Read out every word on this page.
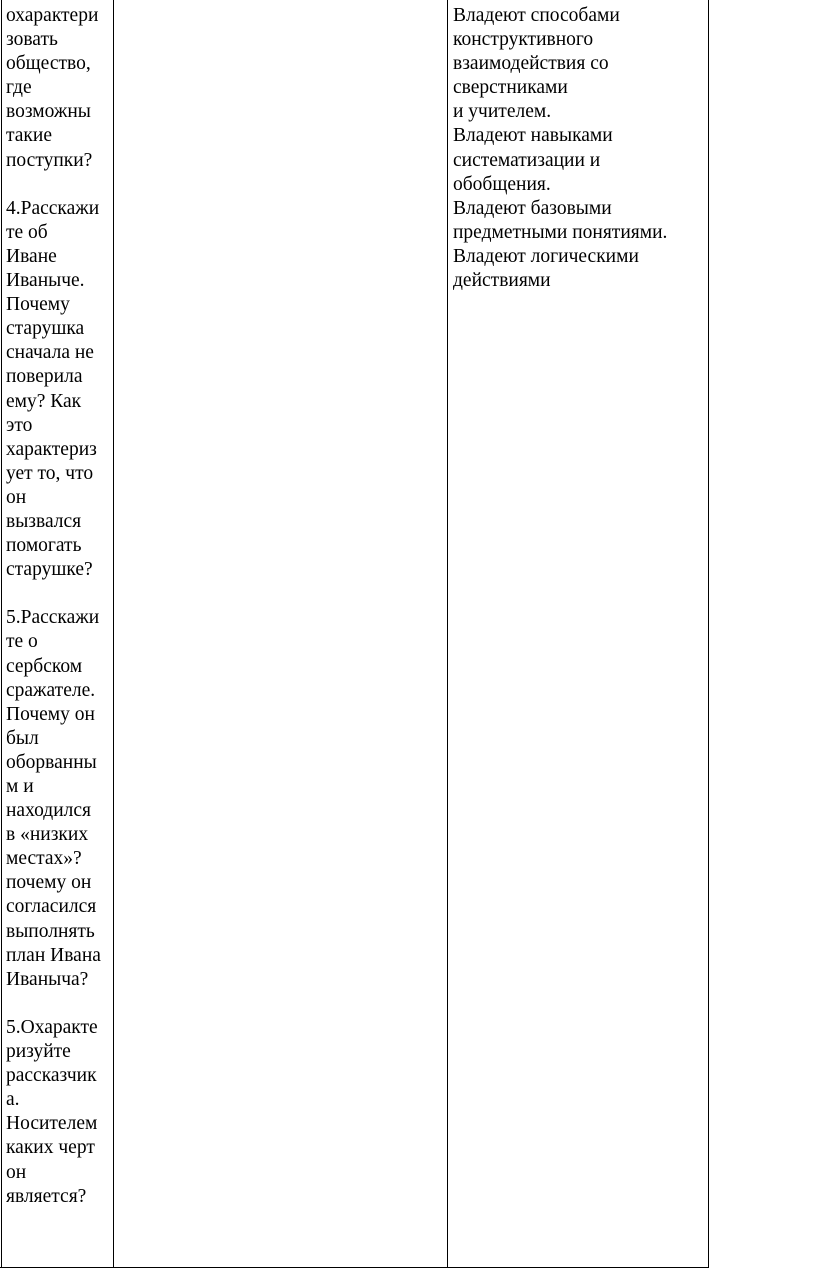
охарактери
зовать
общество,
где
возможны
такие
поступки?
4.Расскажи
те об
Иване
Иваныче.
Почему
старушка
сначала не
поверила
ему? Как
это
характериз
ует то, что
он
вызвался
помогать
старушке?
5.Расскажи
те о
сербском
сражателе.
Почему он
был
оборванны
м и
находился
в «низких
местах»?
почему он
согласился
выполнять
план Ивана
Иваныча?
5.Охаракте
ризуйте
рассказчик
а.
Носителем
каких черт
он
является?
Владеют способами
конструктивного
взаимодействия со
сверстниками
и учителем.
Владеют навыками
систематизации и
обобщения.
Владеют базовыми
предметными понятиями.
Владеют логическими
действиями
